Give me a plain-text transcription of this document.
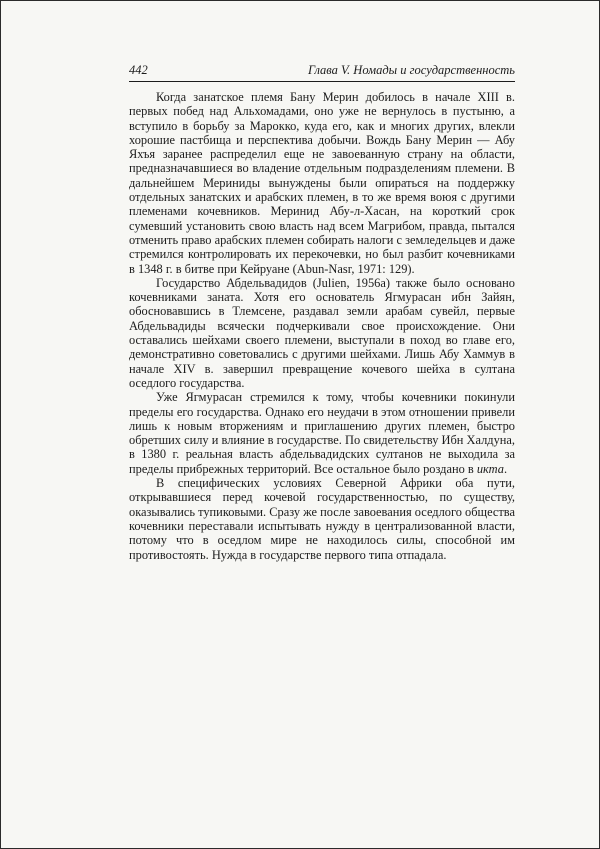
442	Глава V. Номады и государственность

Когда занатское племя Бану Мерин добилось в начале XIII в. первых побед над Альхомадами, оно уже не вернулось в пустыню, а вступило в борьбу за Марокко, куда его, как и многих других, влекли хорошие пастбища и перспектива добычи. Вождь Бану Мерин — Абу Яхъя заранее распределил еще не завоеванную страну на области, предназначавшиеся во владение отдельным подразделениям племени. В дальнейшем Мериниды вынуждены были опираться на поддержку отдельных занатских и арабских племен, в то же время воюя с другими племенами кочевников. Меринид Абу-л-Хасан, на короткий срок сумевший установить свою власть над всем Магрибом, правда, пытался отменить право арабских племен собирать налоги с земледельцев и даже стремился контролировать их перекочевки, но был разбит кочевниками в 1348 г. в битве при Кейруане (Abun-Nasr, 1971: 129).

Государство Абдельвадидов (Julien, 1956а) также было основано кочевниками заната. Хотя его основатель Ягмурасан ибн Зайян, обосновавшись в Тлемсене, раздавал земли арабам сувейл, первые Абдельвадиды всячески подчеркивали свое происхождение. Они оставались шейхами своего племени, выступали в поход во главе его, демонстративно советовались с другими шейхами. Лишь Абу Хаммув в начале XIV в. завершил превращение кочевого шейха в султана оседлого государства.

Уже Ягмурасан стремился к тому, чтобы кочевники покинули пределы его государства. Однако его неудачи в этом отношении привели лишь к новым вторжениям и приглашению других племен, быстро обретших силу и влияние в государстве. По свидетельству Ибн Халдуна, в 1380 г. реальная власть абдельвадидских султанов не выходила за пределы прибрежных территорий. Все остальное было роздано в икта.

В специфических условиях Северной Африки оба пути, открывавшиеся перед кочевой государственностью, по существу, оказывались тупиковыми. Сразу же после завоевания оседлого общества кочевники переставали испытывать нужду в централизованной власти, потому что в оседлом мире не находилось силы, способной им противостоять. Нужда в государстве первого типа отпадала.
